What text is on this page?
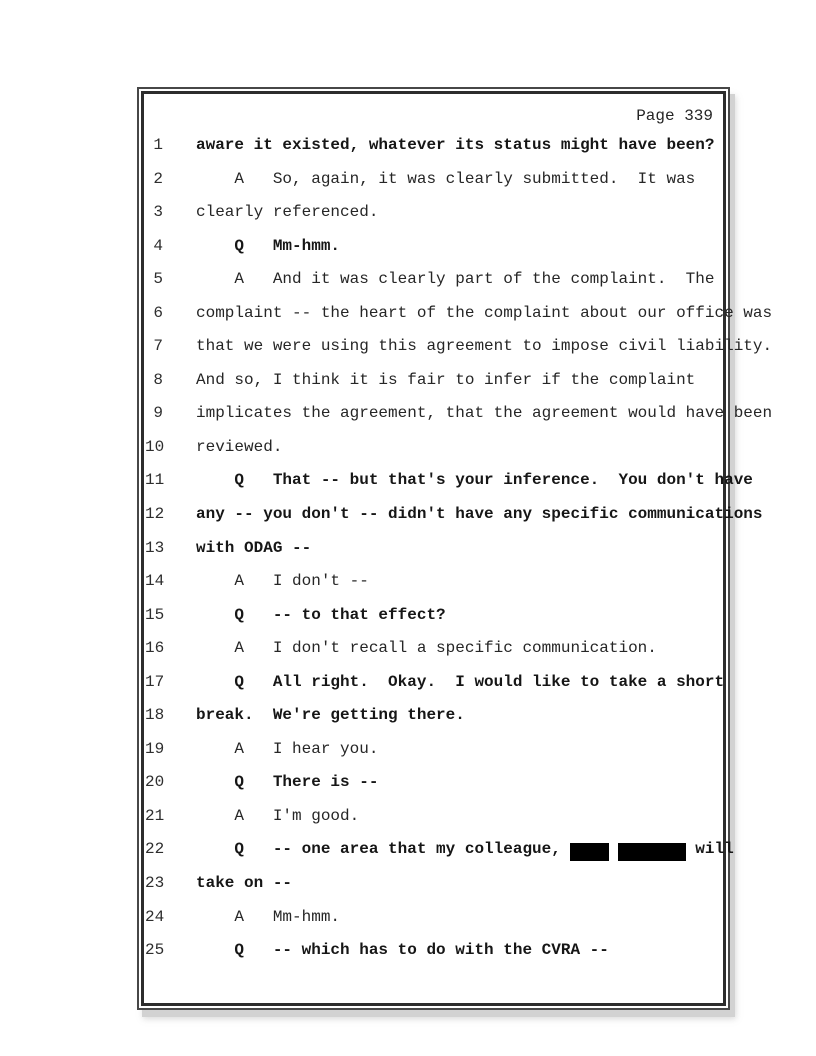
Page 339
1 aware it existed, whatever its status might have been?
2 A   So, again, it was clearly submitted.  It was
3 clearly referenced.
4 Q   Mm-hmm.
5 A   And it was clearly part of the complaint.  The
6 complaint -- the heart of the complaint about our office was
7 that we were using this agreement to impose civil liability.
8 And so, I think it is fair to infer if the complaint
9 implicates the agreement, that the agreement would have been
10 reviewed.
11 Q   That -- but that's your inference.  You don't have
12 any -- you don't -- didn't have any specific communications
13 with ODAG --
14 A   I don't --
15 Q   -- to that effect?
16 A   I don't recall a specific communication.
17 Q   All right.  Okay.  I would like to take a short
18 break.  We're getting there.
19 A   I hear you.
20 Q   There is --
21 A   I'm good.
22 Q   -- one area that my colleague,	will
23 take on --
24 A   Mm-hmm.
25 Q   -- which has to do with the CVRA --
